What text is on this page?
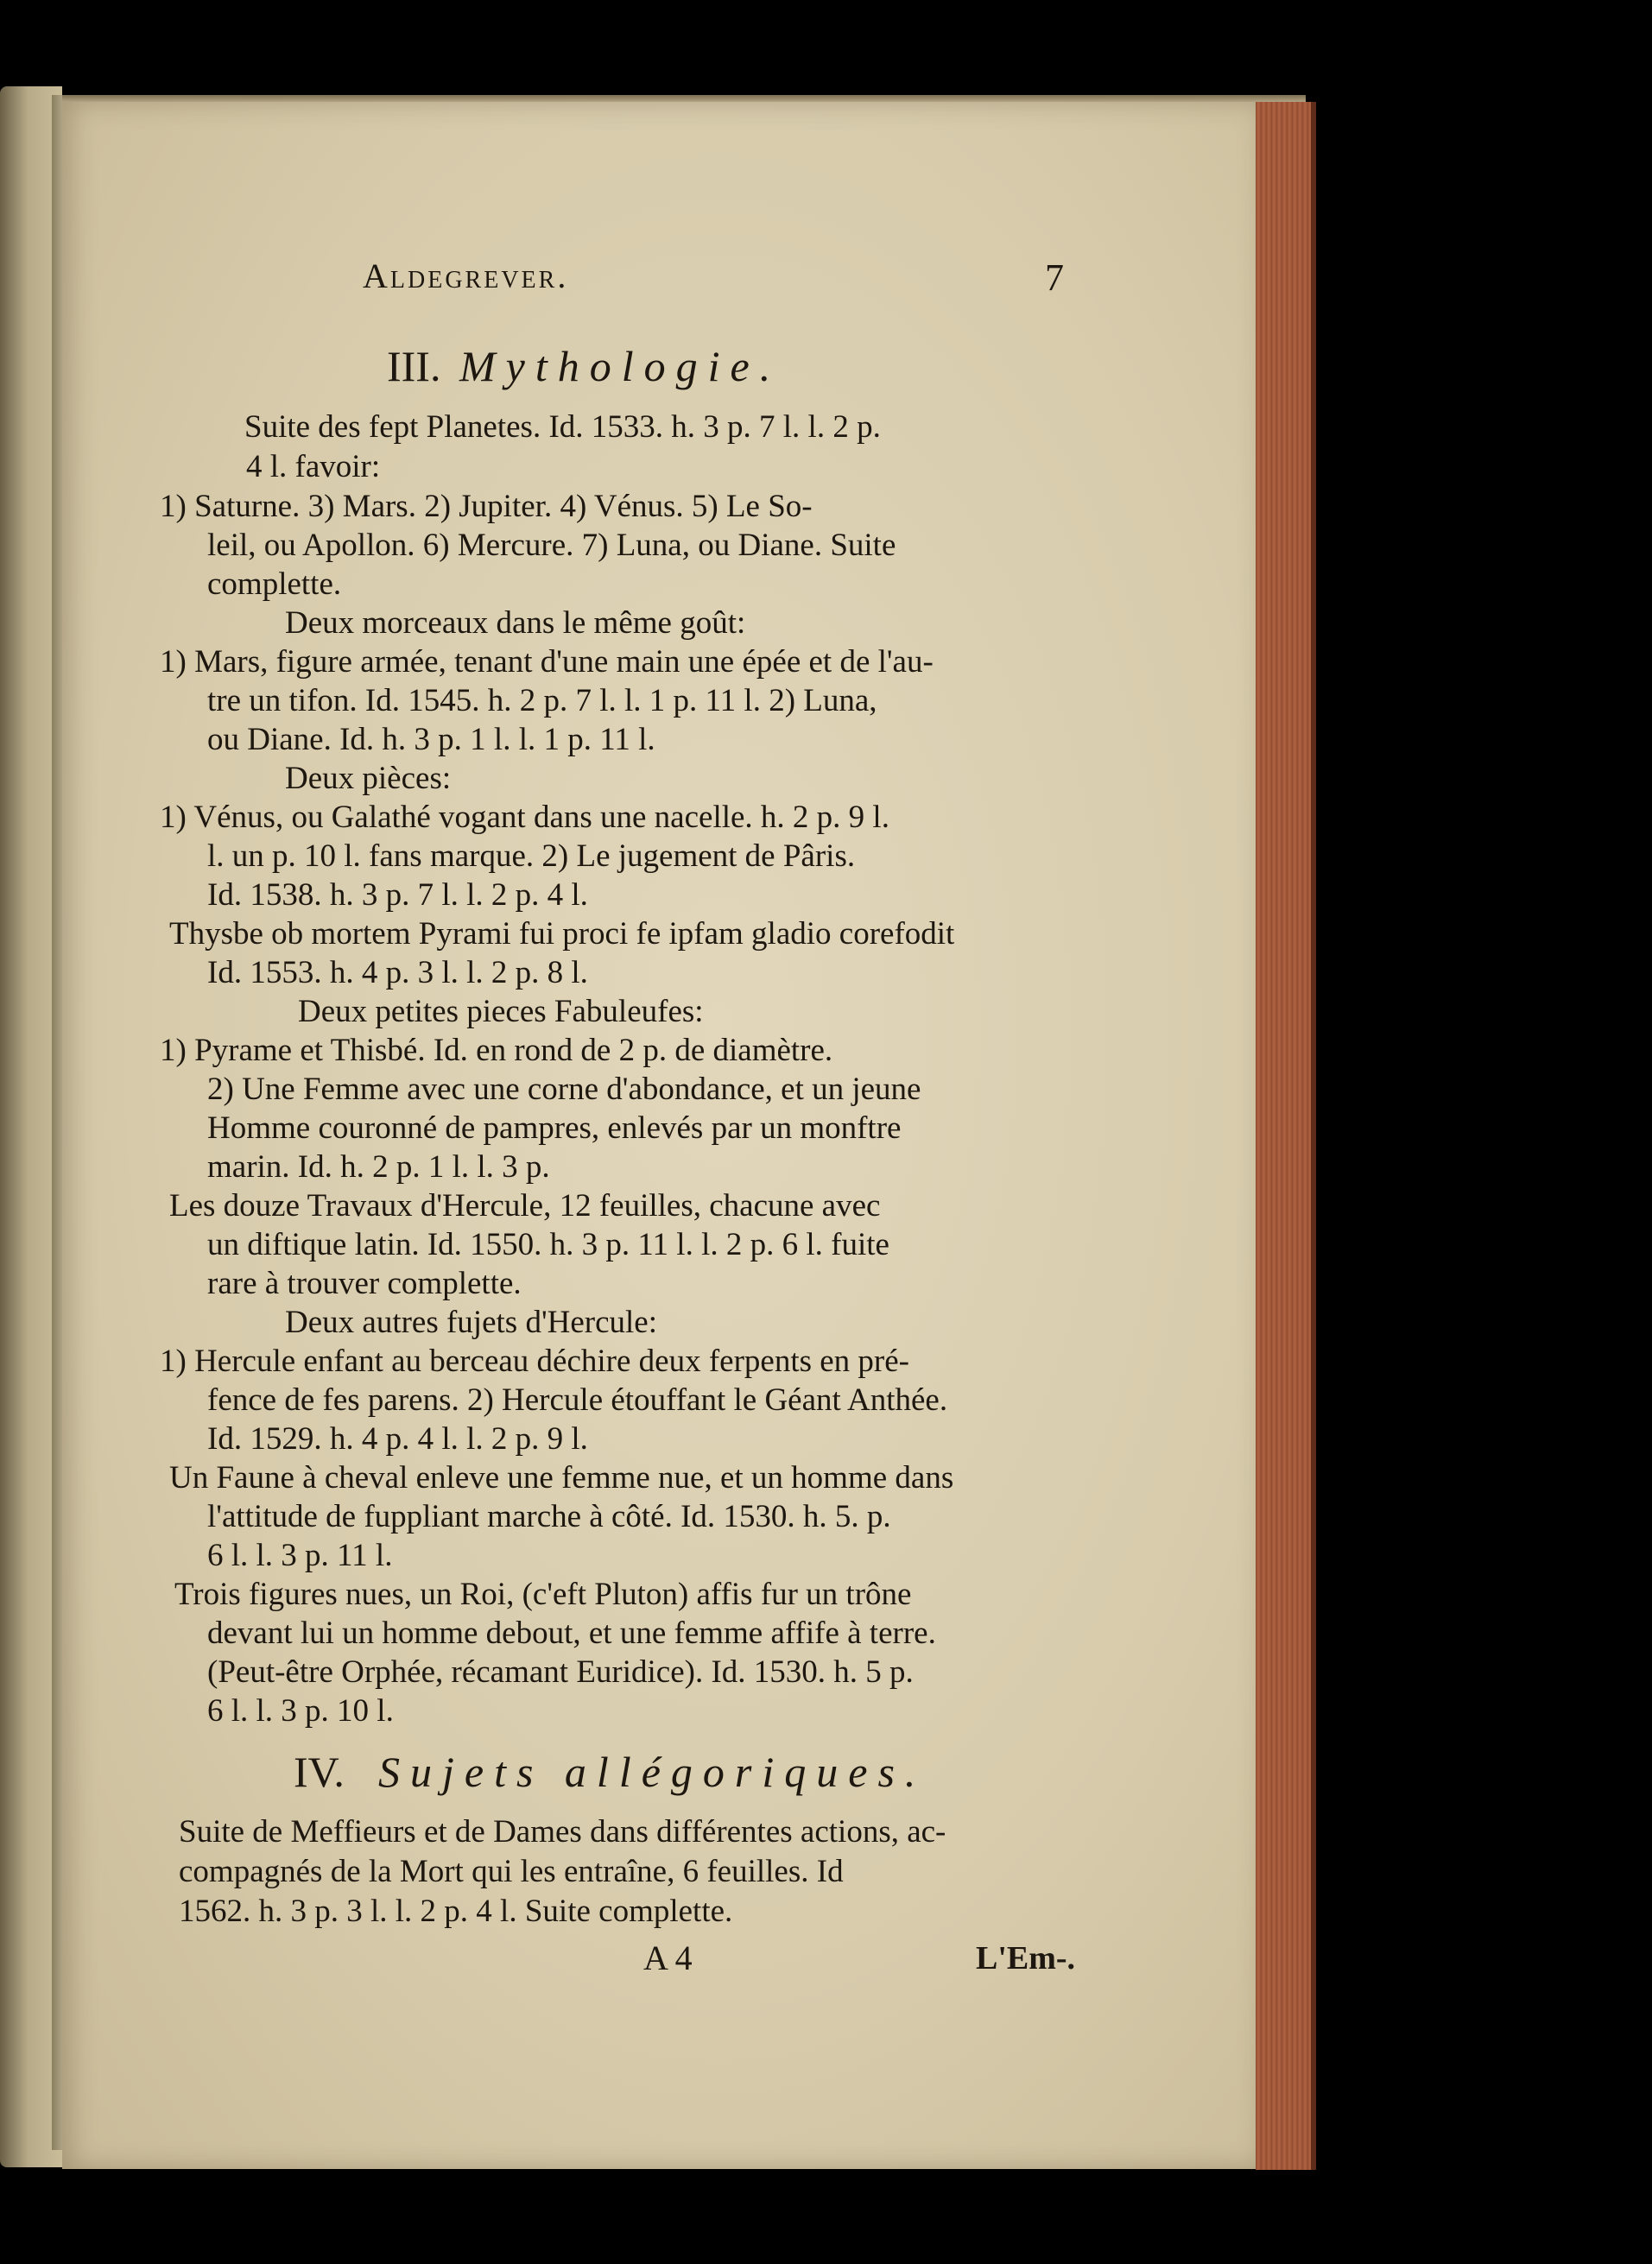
Aldegrever.	7
III. Mythologie.
Suite des fept Planetes. Id. 1533. h. 3 p. 7 l. l. 2 p.
4 l. favoir:
1) Saturne. 3) Mars. 2) Jupiter. 4) Vénus. 5) Le So-
leil, ou Apollon. 6) Mercure. 7) Luna, ou Diane. Suite
complette.
Deux morceaux dans le même goût:
1) Mars, figure armée, tenant d'une main une épée et de l'au-
tre un tifon. Id. 1545. h. 2 p. 7 l. l. 1 p. 11 l. 2) Luna,
ou Diane. Id. h. 3 p. 1 l. l. 1 p. 11 l.
Deux pièces:
1) Vénus, ou Galathé vogant dans une nacelle. h. 2 p. 9 l.
l. un p. 10 l. fans marque. 2) Le jugement de Pâris.
Id. 1538. h. 3 p. 7 l. l. 2 p. 4 l.
Thysbe ob mortem Pyrami fui proci fe ipfam gladio corefodit
Id. 1553. h. 4 p. 3 l. l. 2 p. 8 l.
Deux petites pieces Fabuleufes:
1) Pyrame et Thisbé. Id. en rond de 2 p. de diamètre.
2) Une Femme avec une corne d'abondance, et un jeune
Homme couronné de pampres, enlevés par un monftre
marin. Id. h. 2 p. 1 l. l. 3 p.
Les douze Travaux d'Hercule, 12 feuilles, chacune avec
un diftique latin. Id. 1550. h. 3 p. 11 l. l. 2 p. 6 l. fuite
rare à trouver complette.
Deux autres fujets d'Hercule:
1) Hercule enfant au berceau déchire deux ferpents en pré-
fence de fes parens. 2) Hercule étouffant le Géant Anthée.
Id. 1529. h. 4 p. 4 l. l. 2 p. 9 l.
Un Faune à cheval enleve une femme nue, et un homme dans
l'attitude de fuppliant marche à côté. Id. 1530. h. 5. p.
6 l. l. 3 p. 11 l.
Trois figures nues, un Roi, (c'eft Pluton) affis fur un trône
devant lui un homme debout, et une femme affife à terre.
(Peut-être Orphée, récamant Euridice). Id. 1530. h. 5 p.
6 l. l. 3 p. 10 l.
IV. Sujets allégoriques.
Suite de Meffieurs et de Dames dans différentes actions, ac-
compagnés de la Mort qui les entraîne, 6 feuilles. Id
1562. h. 3 p. 3 l. l. 2 p. 4 l. Suite complette.
A 4	L'Em-.
